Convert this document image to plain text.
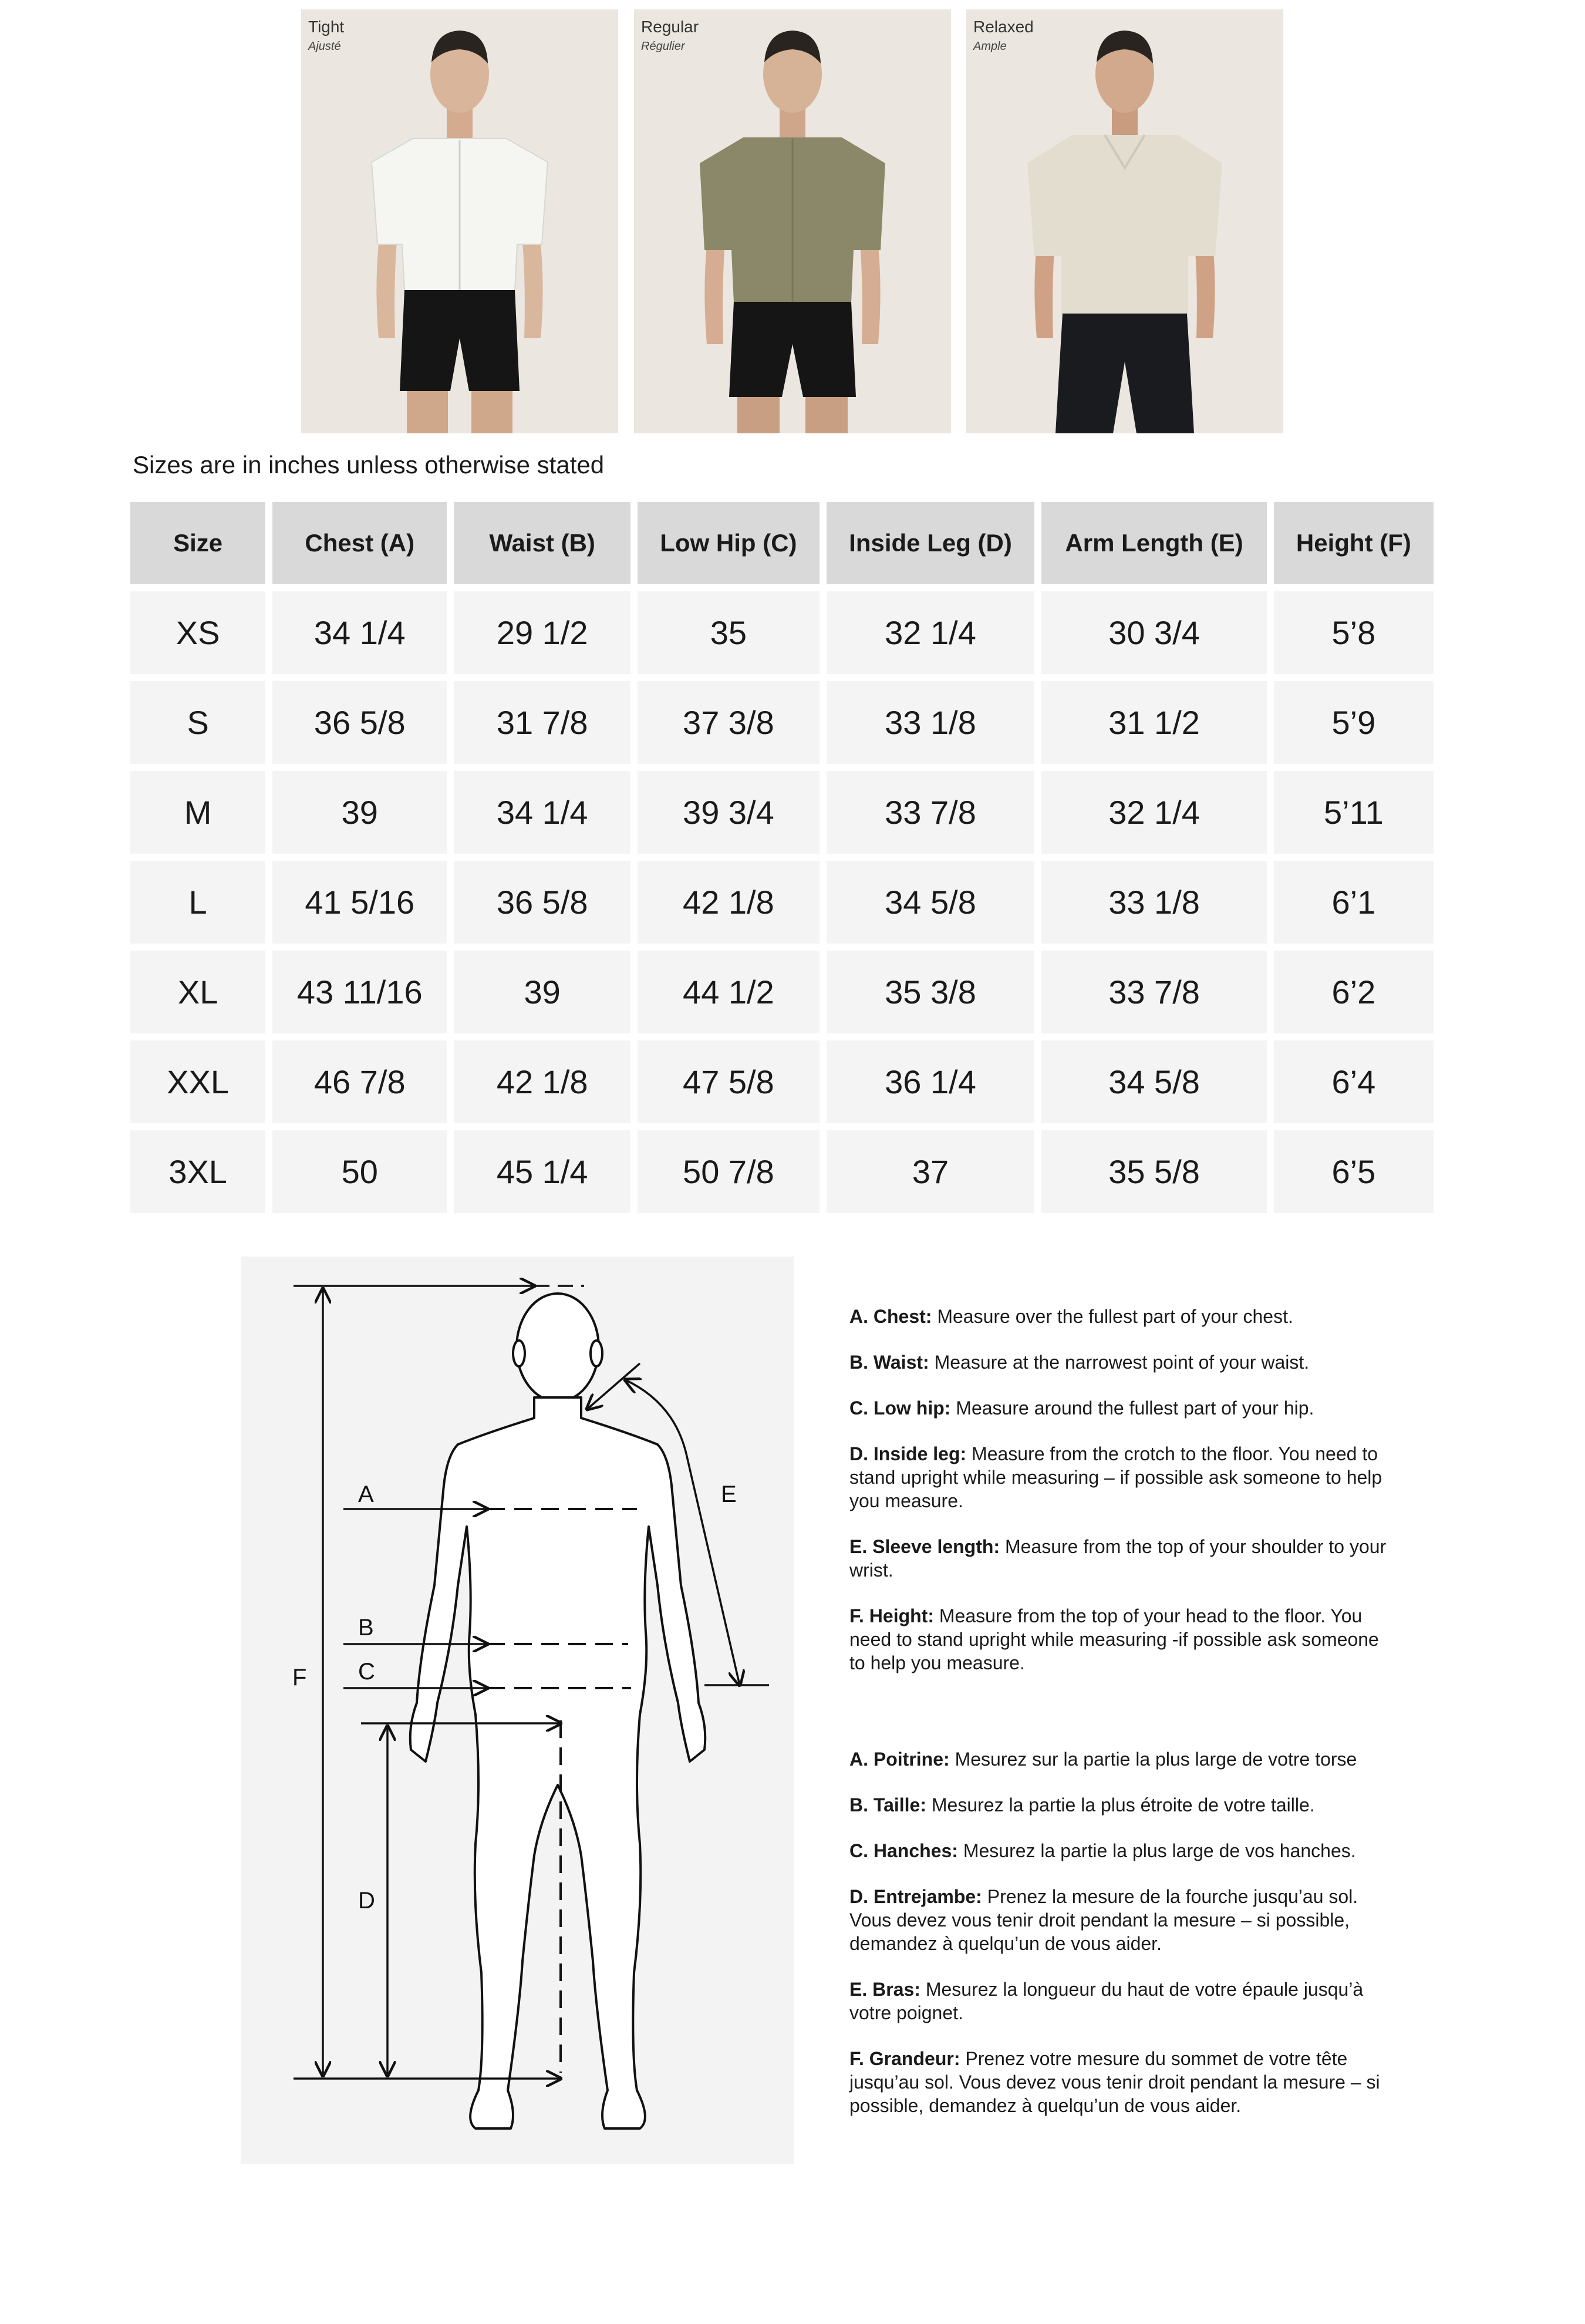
Tight
Ajusté
Regular
Régulier
Relaxed
Ample
Sizes are in inches unless otherwise stated
Size	Chest (A)	Waist (B)	Low Hip (C)	Inside Leg (D)	Arm Length (E)	Height (F)
XS	34 1/4	29 1/2	35	32 1/4	30 3/4	5’8
S	36 5/8	31 7/8	37 3/8	33 1/8	31 1/2	5’9
M	39	34 1/4	39 3/4	33 7/8	32 1/4	5’11
L	41 5/16	36 5/8	42 1/8	34 5/8	33 1/8	6’1
XL	43 11/16	39	44 1/2	35 3/8	33 7/8	6’2
XXL	46 7/8	42 1/8	47 5/8	36 1/4	34 5/8	6’4
3XL	50	45 1/4	50 7/8	37	35 5/8	6’5
A
B
C
D
E
F

A. Chest: Measure over the fullest part of your chest.

B. Waist: Measure at the narrowest point of your waist.

C. Low hip: Measure around the fullest part of your hip.

D. Inside leg: Measure from the crotch to the floor. You need to stand upright while measuring – if possible ask someone to help you measure.

E. Sleeve length: Measure from the top of your shoulder to your wrist.

F. Height: Measure from the top of your head to the floor. You need to stand upright while measuring -if possible ask someone to help you measure.

A. Poitrine: Mesurez sur la partie la plus large de votre torse

B. Taille: Mesurez la partie la plus étroite de votre taille.

C. Hanches: Mesurez la partie la plus large de vos hanches.

D. Entrejambe: Prenez la mesure de la fourche jusqu’au sol. Vous devez vous tenir droit pendant la mesure – si possible, demandez à quelqu’un de vous aider.

E. Bras: Mesurez la longueur du haut de votre épaule jusqu’à votre poignet.

F. Grandeur: Prenez votre mesure du sommet de votre tête jusqu’au sol. Vous devez vous tenir droit pendant la mesure – si possible, demandez à quelqu’un de vous aider.
